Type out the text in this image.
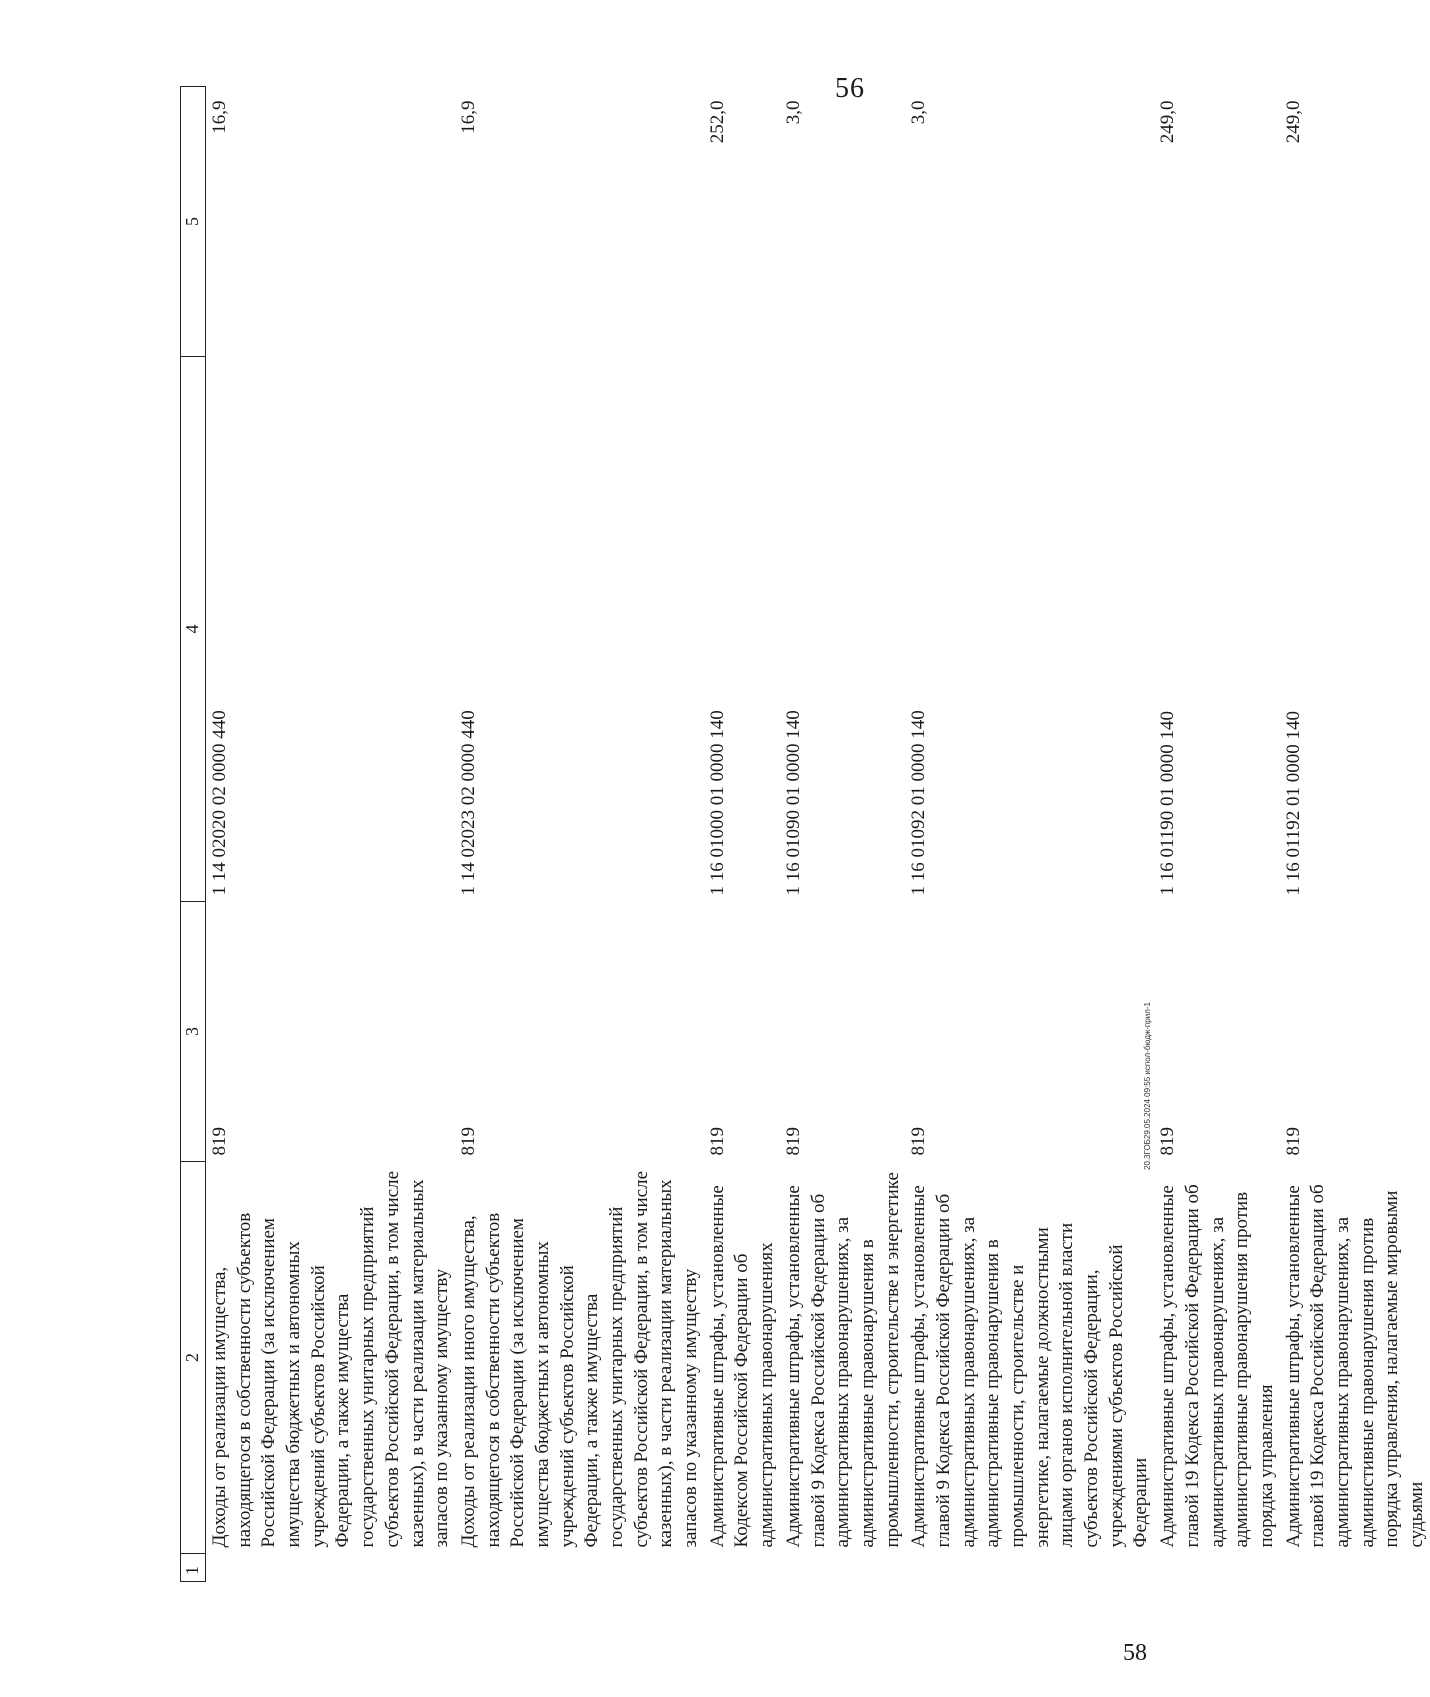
1	2	3	4	5
	Доходы от реализации имущества, находящегося в собственности субъектов Российской Федерации (за исключением имущества бюджетных и автономных учреждений субъектов Российской Федерации, а также имущества государственных унитарных предприятий субъектов Российской Федерации, в том числе казенных), в части реализации материальных запасов по указанному имуществу	819	1 14 02020 02 0000 440	16,9
	Доходы от реализации иного имущества, находящегося в собственности субъектов Российской Федерации (за исключением имущества бюджетных и автономных учреждений субъектов Российской Федерации, а также имущества государственных унитарных предприятий субъектов Российской Федерации, в том числе казенных), в части реализации материальных запасов по указанному имуществу	819	1 14 02023 02 0000 440	16,9
	Административные штрафы, установленные Кодексом Российской Федерации об административных правонарушениях	819	1 16 01000 01 0000 140	252,0
	Административные штрафы, установленные главой 9 Кодекса Российской Федерации об административных правонарушениях, за административные правонарушения в промышленности, строительстве и энергетике	819	1 16 01090 01 0000 140	3,0
	Административные штрафы, установленные главой 9 Кодекса Российской Федерации об административных правонарушениях, за административные правонарушения в промышленности, строительстве и энергетике, налагаемые должностными лицами органов исполнительной власти субъектов Российской Федерации, учреждениями субъектов Российской Федерации	819	1 16 01092 01 0000 140	3,0
	Административные штрафы, установленные главой 19 Кодекса Российской Федерации об административных правонарушениях, за административные правонарушения против порядка управления	819	1 16 01190 01 0000 140	249,0
	Административные штрафы, установленные главой 19 Кодекса Российской Федерации об административных правонарушениях, за администивные правонарушения против порядка управления, налагаемые мировыми судьями	819	1 16 01192 01 0000 140	249,0
56
58
20.3ГОБ29.05.2024 09:55 испол-бюдж-прил-1
